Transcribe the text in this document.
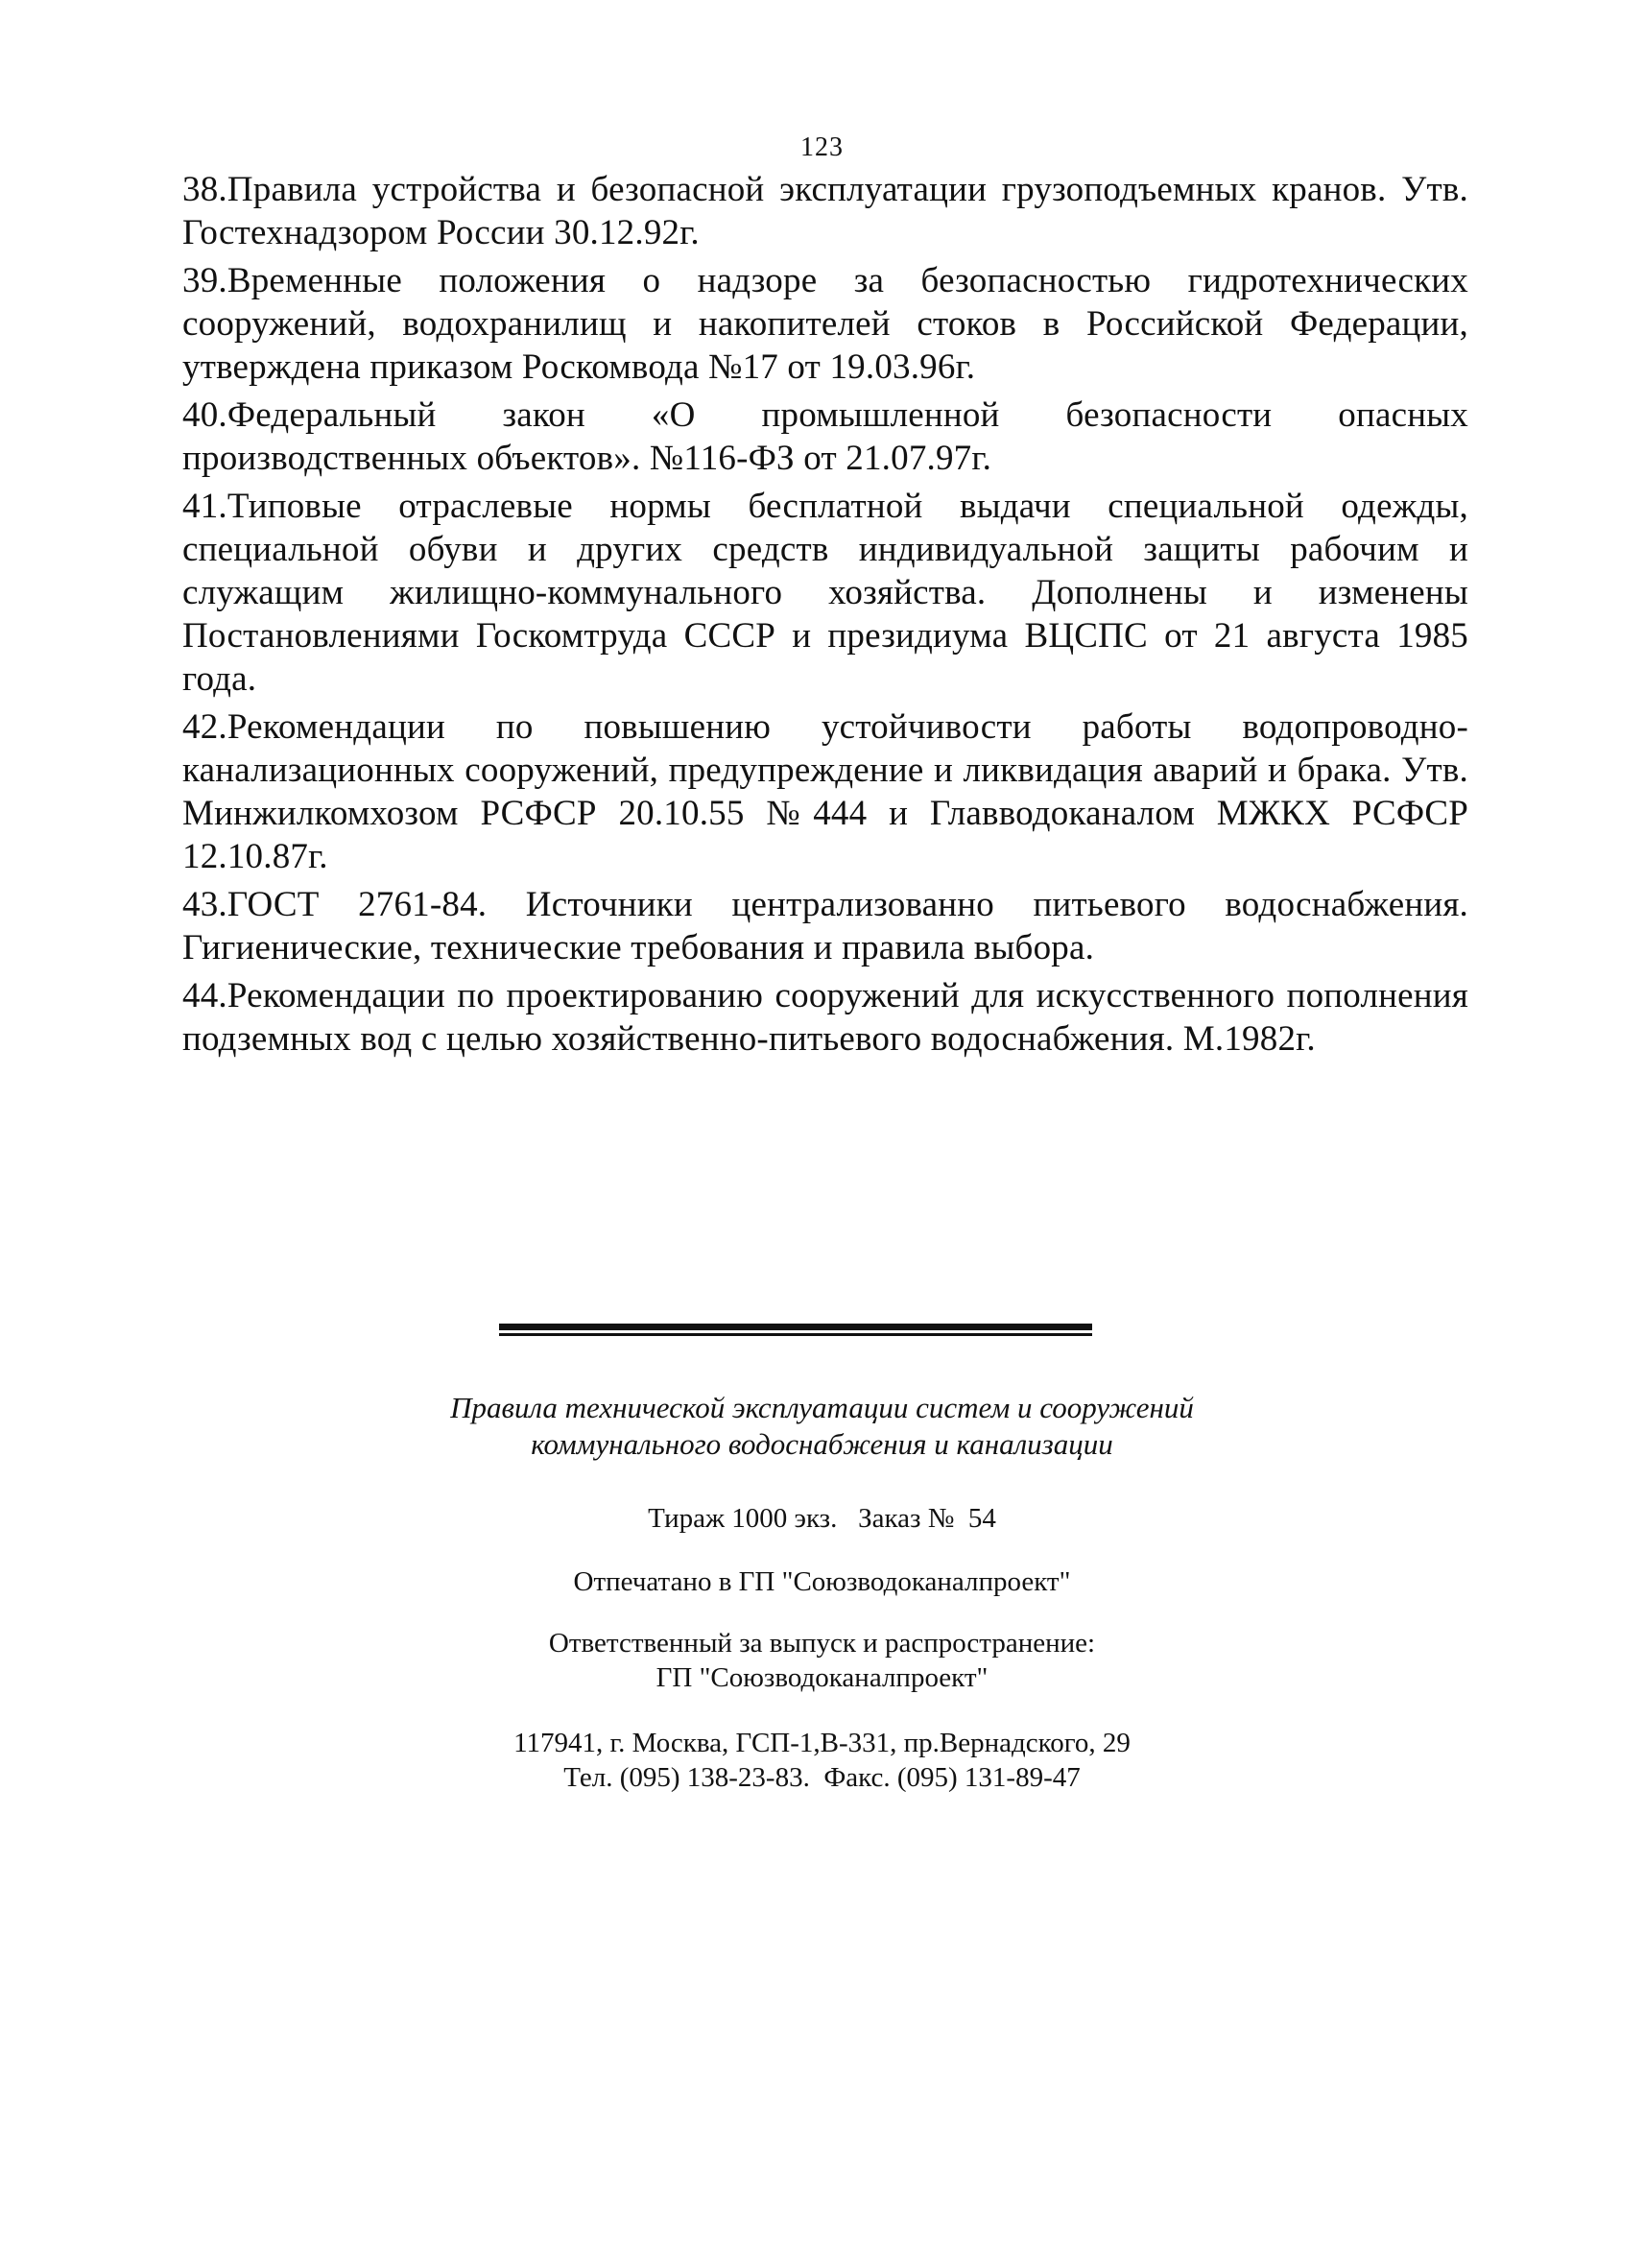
123

38.Правила устройства и безопасной эксплуатации грузоподъемных кранов. Утв. Гостехнадзором России 30.12.92г.

39.Временные положения о надзоре за безопасностью гидротехнических сооружений, водохранилищ и накопителей стоков в Российской Федерации, утверждена приказом Роскомвода №17 от 19.03.96г.

40.Федеральный закон «О промышленной безопасности опасных производственных объектов». №116-ФЗ от 21.07.97г.

41.Типовые отраслевые нормы бесплатной выдачи специальной одежды, специальной обуви и других средств индивидуальной защиты рабочим и служащим жилищно-коммунального хозяйства. Дополнены и изменены Постановлениями Госкомтруда СССР и президиума ВЦСПС от 21 августа 1985 года.

42.Рекомендации по повышению устойчивости работы водопроводно-канализационных сооружений, предупреждение и ликвидация аварий и брака. Утв. Минжилкомхозом РСФСР 20.10.55 №444 и Главводоканалом МЖКХ РСФСР 12.10.87г.

43.ГОСТ 2761-84. Источники централизованно питьевого водоснабжения. Гигиенические, технические требования и правила выбора.

44.Рекомендации по проектированию сооружений для искусственного пополнения подземных вод с целью хозяйственно-питьевого водоснабжения. М.1982г.

Правила технической эксплуатации систем и сооружений

коммунального водоснабжения и канализации

Тираж 1000 экз.   Заказ №  54

Отпечатано в ГП "Союзводоканалпроект"

Ответственный за выпуск и распространение:

ГП "Союзводоканалпроект"

117941, г. Москва, ГСП-1,В-331, пр.Вернадского, 29

Тел. (095) 138-23-83.  Факс. (095) 131-89-47
